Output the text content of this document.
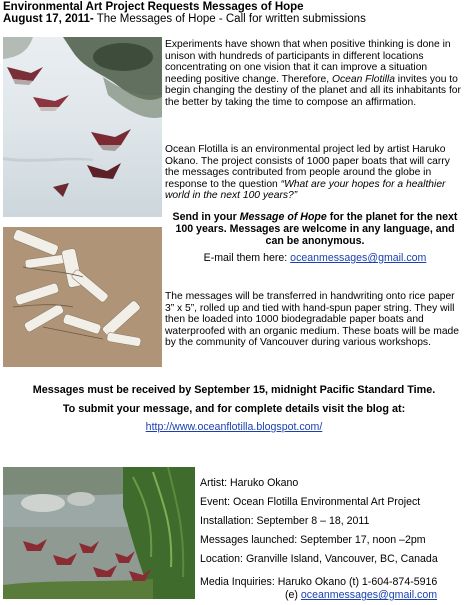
Environmental Art Project Requests Messages of Hope
August 17, 2011- The Messages of Hope - Call for written submissions
Experiments have shown that when positive thinking is done in unison with hundreds of participants in different locations concentrating on one vision that it can improve a situation needing positive change. Therefore, Ocean Flotilla invites you to begin changing the destiny of the planet and all its inhabitants for the better by taking the time to compose an affirmation.
Ocean Flotilla is an environmental project led by artist Haruko Okano. The project consists of 1000 paper boats that will carry the messages contributed from people around the globe in response to the question “What are your hopes for a healthier world in the next 100 years?”
Send in your Message of Hope for the planet for the next 100 years. Messages are welcome in any language, and can be anonymous.
E-mail them here: oceanmessages@gmail.com
The messages will be transferred in handwriting onto rice paper 3” x 5”, rolled up and tied with hand-spun paper string. They will then be loaded into 1000 biodegradable paper boats and waterproofed with an organic medium. These boats will be made by the community of Vancouver during various workshops.
Messages must be received by September 15, midnight Pacific Standard Time.
To submit your message, and for complete details visit the blog at:
http://www.oceanflotilla.blogspot.com/
Artist: Haruko Okano
Event: Ocean Flotilla Environmental Art Project
Installation: September 8 – 18, 2011
Messages launched: September 17, noon –2pm
Location: Granville Island, Vancouver, BC, Canada
Media Inquiries: Haruko Okano (t) 1-604-874-5916
(e) oceanmessages@gmail.com
